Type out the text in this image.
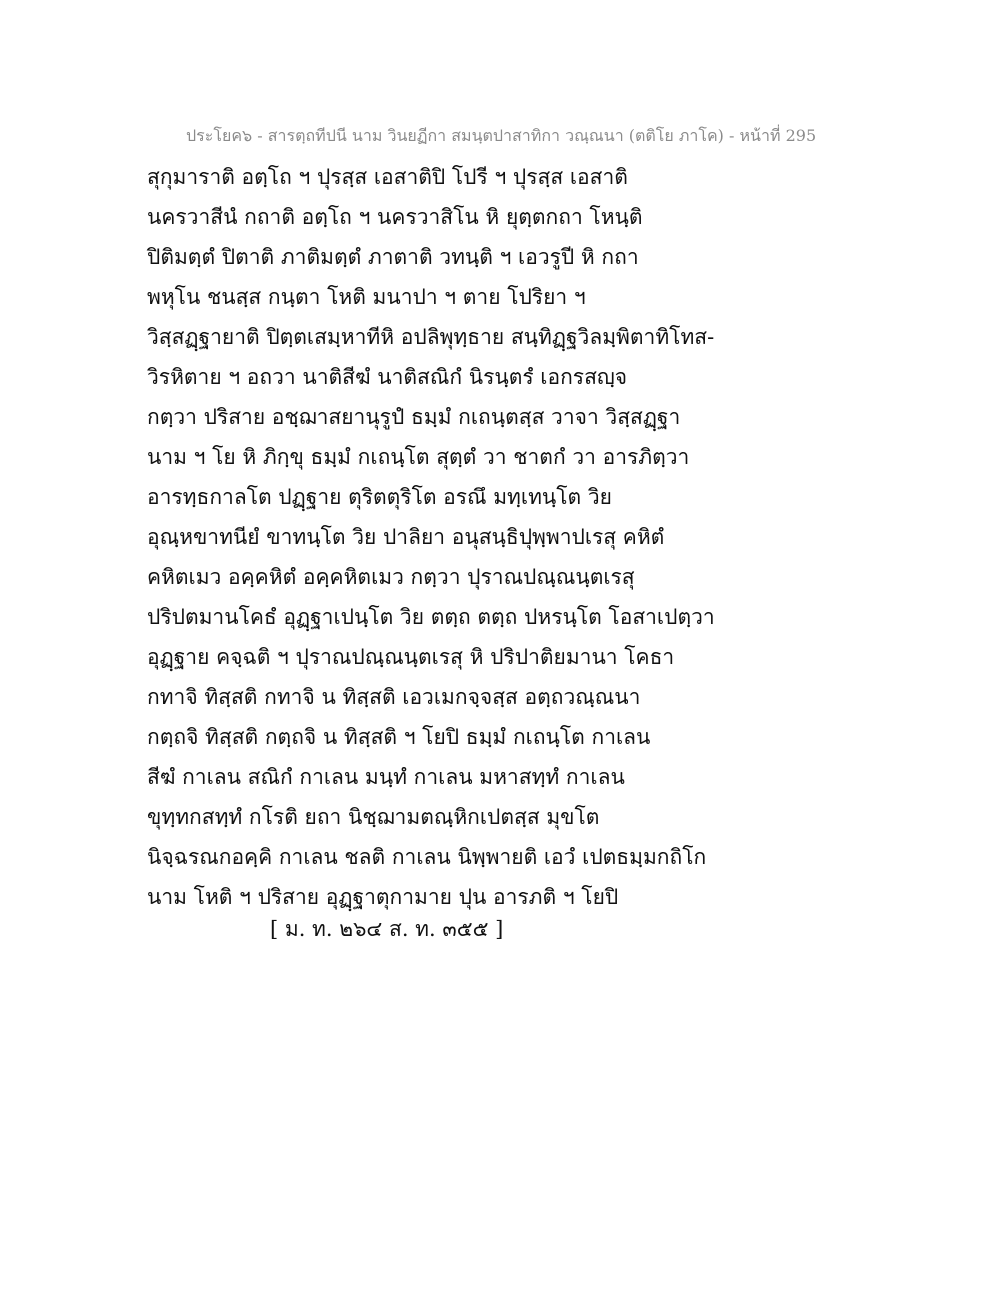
ประโยค๖ - สารตฺถทีปนี นาม วินยฏีกา สมนฺตปาสาทิกา วณฺณนา (ตติโย ภาโค) - หน้าที่ 295
สุกุมาราติ อตฺโถ ฯ ปุรสฺส เอสาติปิ โปรี ฯ ปุรสฺส เอสาติ
นครวาสีนํ กถาติ อตฺโถ ฯ นครวาสิโน หิ ยุตฺตกถา โหนฺติ
ปิติมตฺตํ ปิตาติ ภาติมตฺตํ ภาตาติ วทนฺติ ฯ เอวรูปี หิ กถา
พหุโน ชนสฺส กนฺตา โหติ มนาปา ฯ ตาย โปริยา ฯ
วิสฺสฏฺฐายาติ ปิตฺตเสมฺหาทีหิ อปลิพุทฺธาย สนฺทิฏฺฐวิลมฺพิตาทิโทส-
วิรหิตาย ฯ อถวา นาติสีฆํ นาติสณิกํ นิรนฺตรํ เอกรสญฺจ
กตฺวา ปริสาย อชฺฌาสยานุรูปํ ธมฺมํ กเถนฺตสฺส วาจา วิสฺสฏฺฐา
นาม ฯ โย หิ ภิกฺขุ ธมฺมํ กเถนฺโต สุตฺตํ วา ชาตกํ วา อารภิตฺวา
อารทฺธกาลโต ปฏฺฐาย ตุริตตุริโต อรณึ มทฺเทนฺโต วิย
อุณฺหขาทนียํ ขาทนฺโต วิย ปาลิยา อนุสนฺธิปุพฺพาปเรสุ คหิตํ
คหิตเมว อคฺคหิตํ อคฺคหิตเมว กตฺวา ปุราณปณฺณนฺตเรสุ
ปริปตมานโคธํ อุฏฺฐาเปนฺโต วิย ตตฺถ ตตฺถ ปหรนฺโต โอสาเปตฺวา
อุฏฺฐาย คจฺฉติ ฯ ปุราณปณฺณนฺตเรสุ หิ ปริปาติยมานา โคธา
กทาจิ ทิสฺสติ กทาจิ น ทิสฺสติ เอวเมกจฺจสฺส อตฺถวณฺณนา
กตฺถจิ ทิสฺสติ กตฺถจิ น ทิสฺสติ ฯ โยปิ ธมฺมํ กเถนฺโต กาเลน
สีฆํ กาเลน สณิกํ กาเลน มนฺทํ กาเลน มหาสทฺทํ กาเลน
ขุทฺทกสทฺทํ กโรติ ยถา นิชฺฌามตณฺหิกเปตสฺส มุขโต
นิจฺฉรณกอคฺคิ กาเลน ชลติ กาเลน นิพฺพายติ เอวํ เปตธมฺมกถิโก
นาม โหติ ฯ ปริสาย อุฏฺฐาตุกามาย ปุน อารภติ ฯ โยปิ
[ ม. ท. ๒๖๔ ส. ท. ๓๕๕ ]
